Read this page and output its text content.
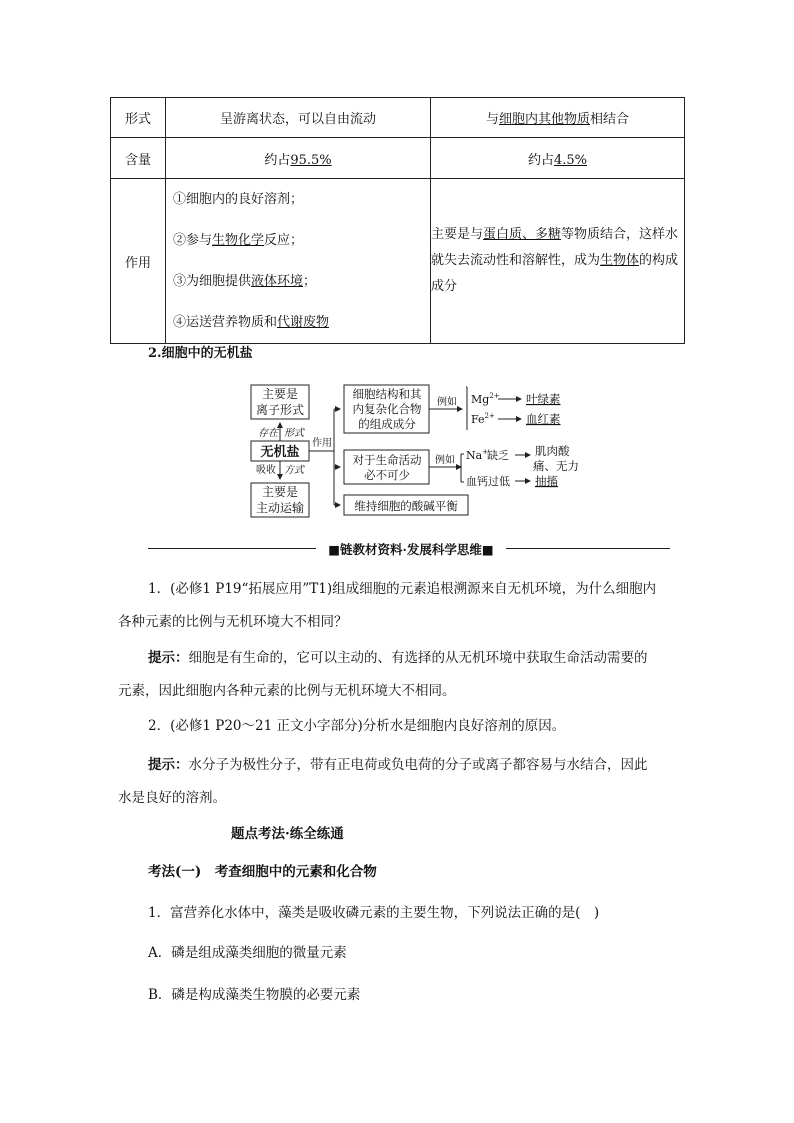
形式	呈游离状态，可以自由流动	与细胞内其他物质相结合

含量	约占95.5%	约占4.5%

作用	①细胞内的良好溶剂；
②参与生物化学反应；
③为细胞提供液体环境；
④运送营养物质和代谢废物	主要是与蛋白质、多糖等物质结合，这样水就失去流动性和溶解性，成为生物体的构成成分
2.细胞中的无机盐
主要是
离子形式
无机盐
主要是
主动运输
存在 形式
吸收 方式
作用
细胞结构和其
内复杂化合物
的组成成分
例如 $Mg^{2+}$ 叶绿素
$Fe^{2+}$	血红素
对于生命活动
必不可少
例如 Na+
缺乏 肌肉酸
痛、无力
血钙过低 抽搐
维持细胞的酸碱平衡
■链教材资料·发展科学思维■
1．(必修1 P19“拓展应用”T1)组成细胞的元素追根溯源来自无机环境，为什么细胞内
各种元素的比例与无机环境大不相同？
提示：细胞是有生命的，它可以主动的、有选择的从无机环境中获取生命活动需要的
元素，因此细胞内各种元素的比例与无机环境大不相同。
2．(必修1 P20～21 正文小字部分)分析水是细胞内良好溶剂的原因。
提示：水分子为极性分子，带有正电荷或负电荷的分子或离子都容易与水结合，因此
水是良好的溶剂。
题点考法·练全练通
考法(一)　考查细胞中的元素和化合物
1．富营养化水体中，藻类是吸收磷元素的主要生物，下列说法正确的是(　)
A．磷是组成藻类细胞的微量元素
B．磷是构成藻类生物膜的必要元素
